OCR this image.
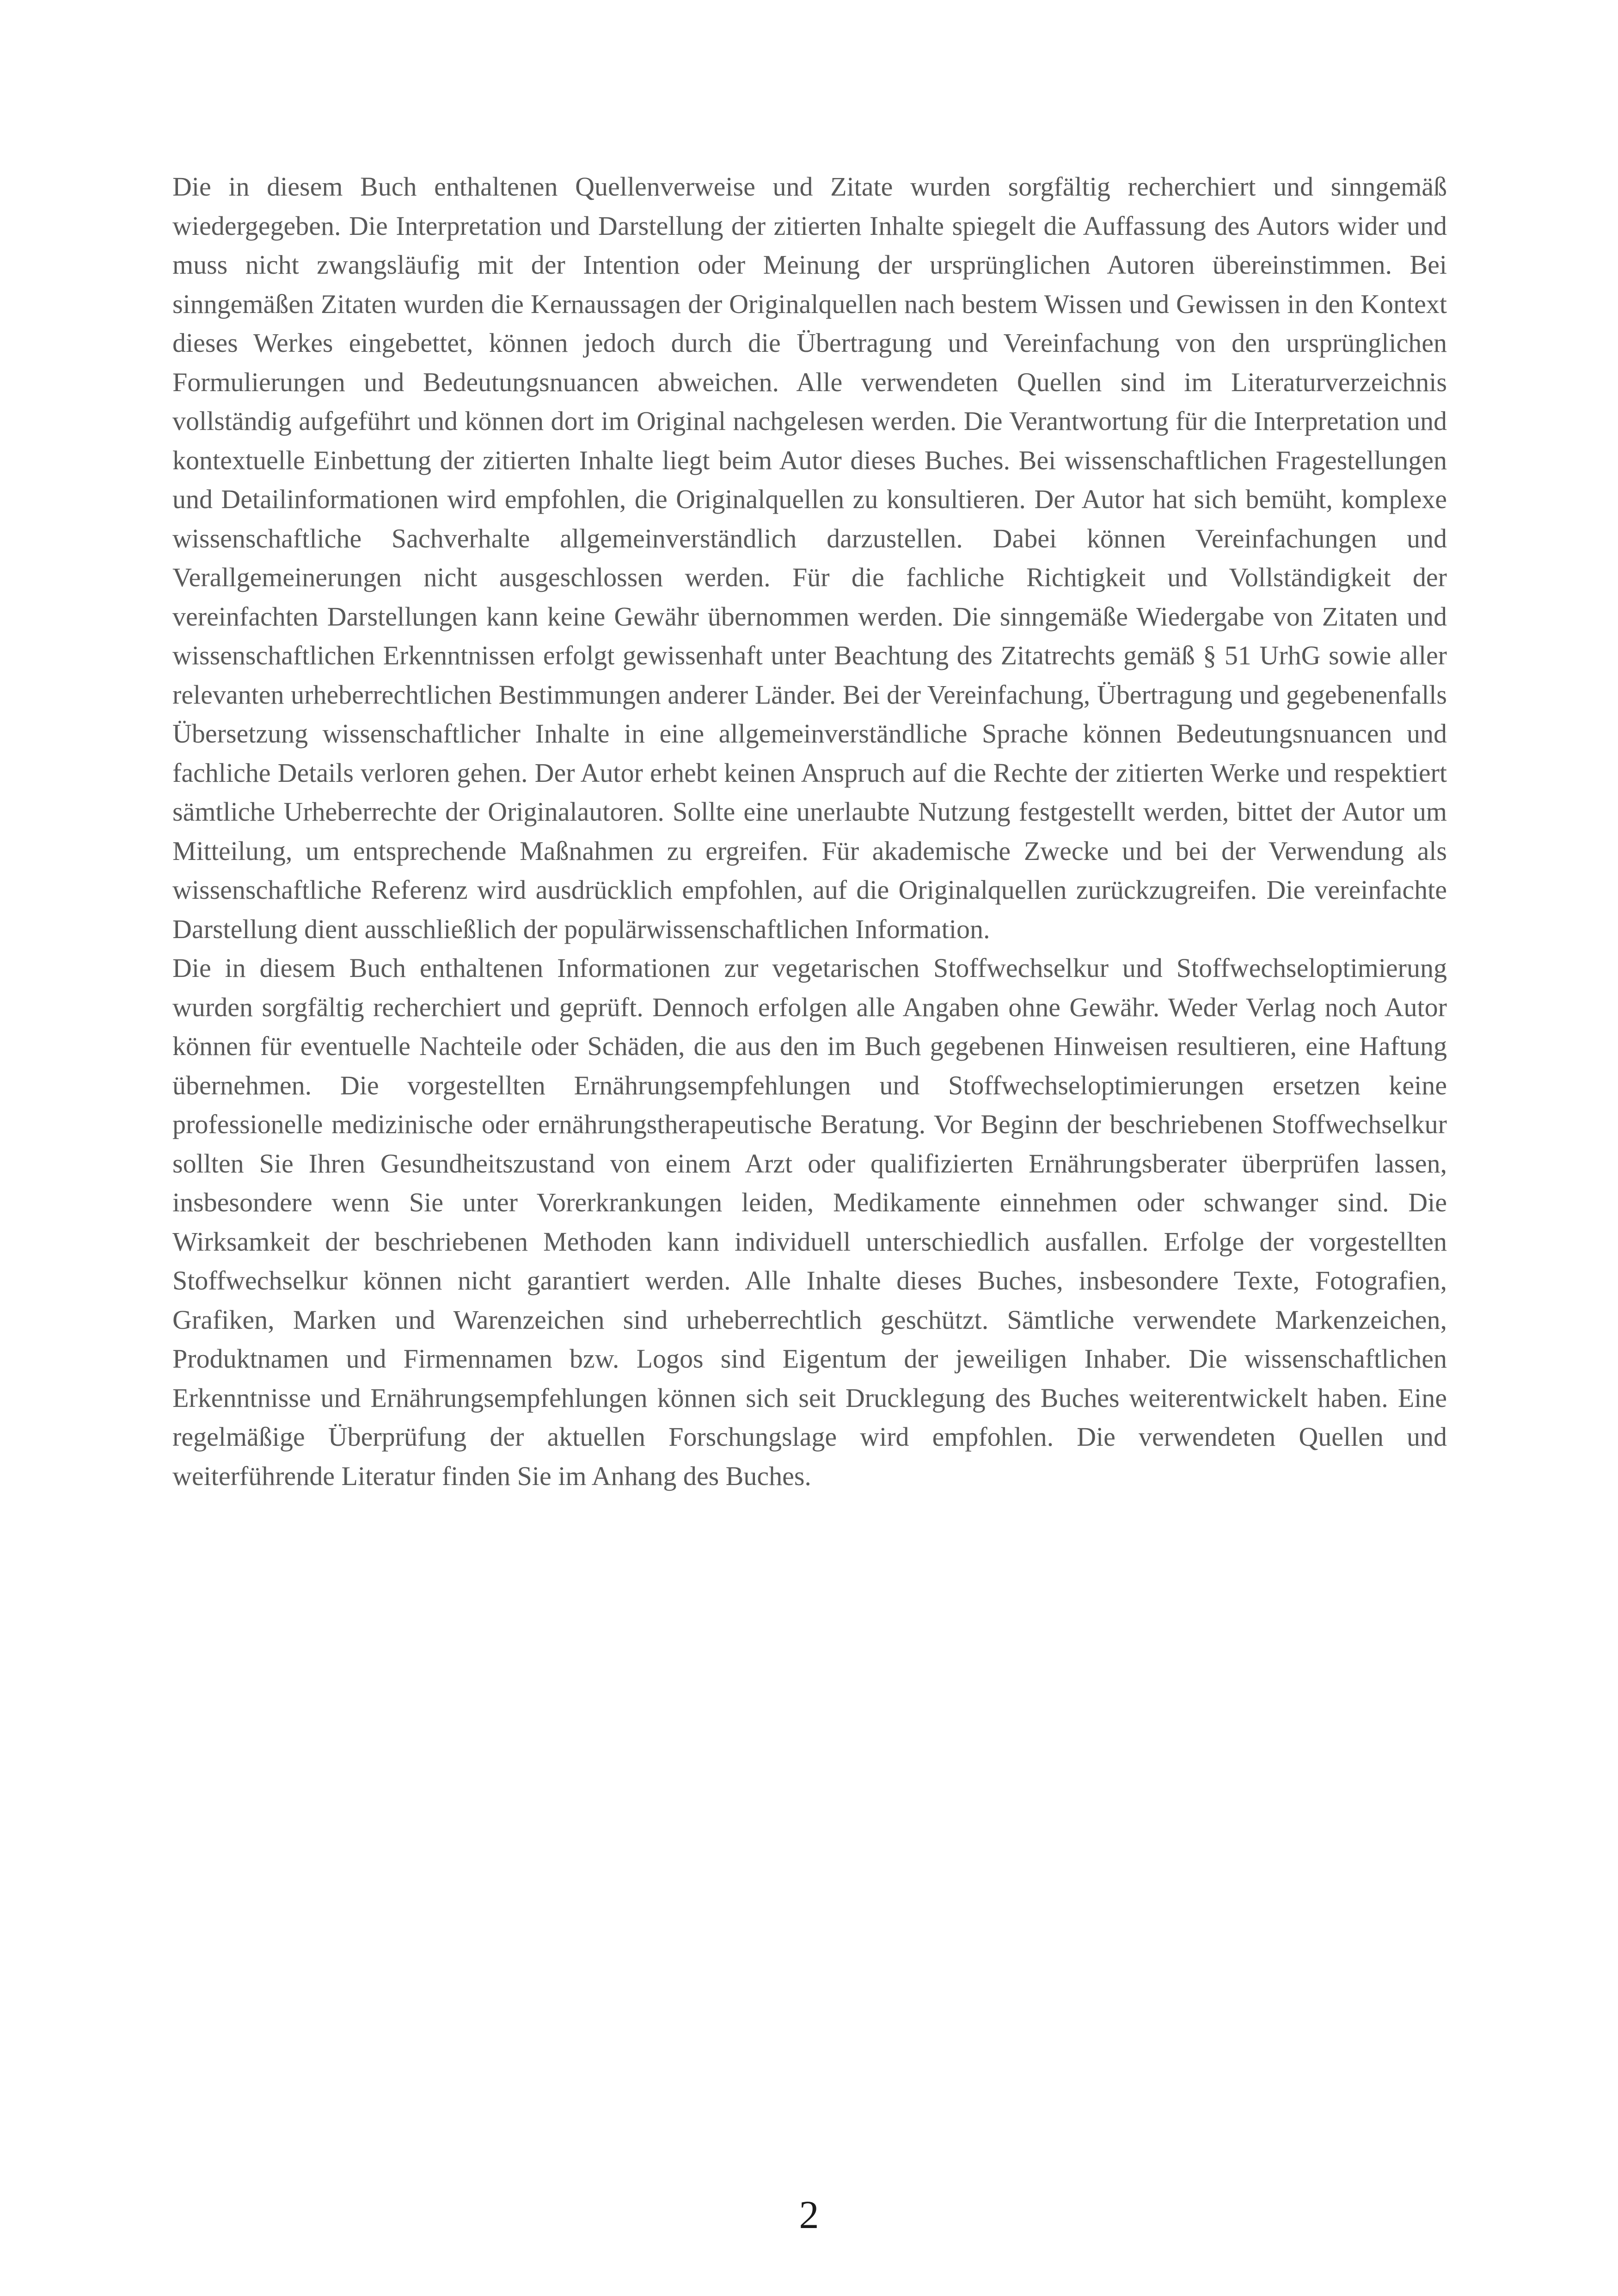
Die in diesem Buch enthaltenen Quellenverweise und Zitate wurden sorgfältig recherchiert und sinngemäß wiedergegeben. Die Interpretation und Darstellung der zitierten Inhalte spiegelt die Auffassung des Autors wider und muss nicht zwangsläufig mit der Intention oder Meinung der ursprünglichen Autoren übereinstimmen. Bei sinngemäßen Zitaten wurden die Kernaussagen der Originalquellen nach bestem Wissen und Gewissen in den Kontext dieses Werkes eingebettet, können jedoch durch die Übertragung und Vereinfachung von den ursprünglichen Formulierungen und Bedeutungsnuancen abweichen. Alle verwendeten Quellen sind im Literaturverzeichnis vollständig aufgeführt und können dort im Original nachgelesen werden. Die Verantwortung für die Interpretation und kontextuelle Einbettung der zitierten Inhalte liegt beim Autor dieses Buches. Bei wissenschaftlichen Fragestellungen und Detailinformationen wird empfohlen, die Originalquellen zu konsultieren. Der Autor hat sich bemüht, komplexe wissenschaftliche Sachverhalte allgemeinverständlich darzustellen. Dabei können Vereinfachungen und Verallgemeinerungen nicht ausgeschlossen werden. Für die fachliche Richtigkeit und Vollständigkeit der vereinfachten Darstellungen kann keine Gewähr übernommen werden. Die sinngemäße Wiedergabe von Zitaten und wissenschaftlichen Erkenntnissen erfolgt gewissenhaft unter Beachtung des Zitatrechts gemäß § 51 UrhG sowie aller relevanten urheberrechtlichen Bestimmungen anderer Länder. Bei der Vereinfachung, Übertragung und gegebenenfalls Übersetzung wissenschaftlicher Inhalte in eine allgemeinverständliche Sprache können Bedeutungsnuancen und fachliche Details verloren gehen. Der Autor erhebt keinen Anspruch auf die Rechte der zitierten Werke und respektiert sämtliche Urheberrechte der Originalautoren. Sollte eine unerlaubte Nutzung festgestellt werden, bittet der Autor um Mitteilung, um entsprechende Maßnahmen zu ergreifen. Für akademische Zwecke und bei der Verwendung als wissenschaftliche Referenz wird ausdrücklich empfohlen, auf die Originalquellen zurückzugreifen. Die vereinfachte Darstellung dient ausschließlich der populärwissenschaftlichen Information.

Die in diesem Buch enthaltenen Informationen zur vegetarischen Stoffwechselkur und Stoffwechseloptimierung wurden sorgfältig recherchiert und geprüft. Dennoch erfolgen alle Angaben ohne Gewähr. Weder Verlag noch Autor können für eventuelle Nachteile oder Schäden, die aus den im Buch gegebenen Hinweisen resultieren, eine Haftung übernehmen. Die vorgestellten Ernährungsempfehlungen und Stoffwechseloptimierungen ersetzen keine professionelle medizinische oder ernährungstherapeutische Beratung. Vor Beginn der beschriebenen Stoffwechselkur sollten Sie Ihren Gesundheitszustand von einem Arzt oder qualifizierten Ernährungsberater überprüfen lassen, insbesondere wenn Sie unter Vorerkrankungen leiden, Medikamente einnehmen oder schwanger sind. Die Wirksamkeit der beschriebenen Methoden kann individuell unterschiedlich ausfallen. Erfolge der vorgestellten Stoffwechselkur können nicht garantiert werden. Alle Inhalte dieses Buches, insbesondere Texte, Fotografien, Grafiken, Marken und Warenzeichen sind urheberrechtlich geschützt. Sämtliche verwendete Markenzeichen, Produktnamen und Firmennamen bzw. Logos sind Eigentum der jeweiligen Inhaber. Die wissenschaftlichen Erkenntnisse und Ernährungsempfehlungen können sich seit Drucklegung des Buches weiterentwickelt haben. Eine regelmäßige Überprüfung der aktuellen Forschungslage wird empfohlen. Die verwendeten Quellen und weiterführende Literatur finden Sie im Anhang des Buches.

2
